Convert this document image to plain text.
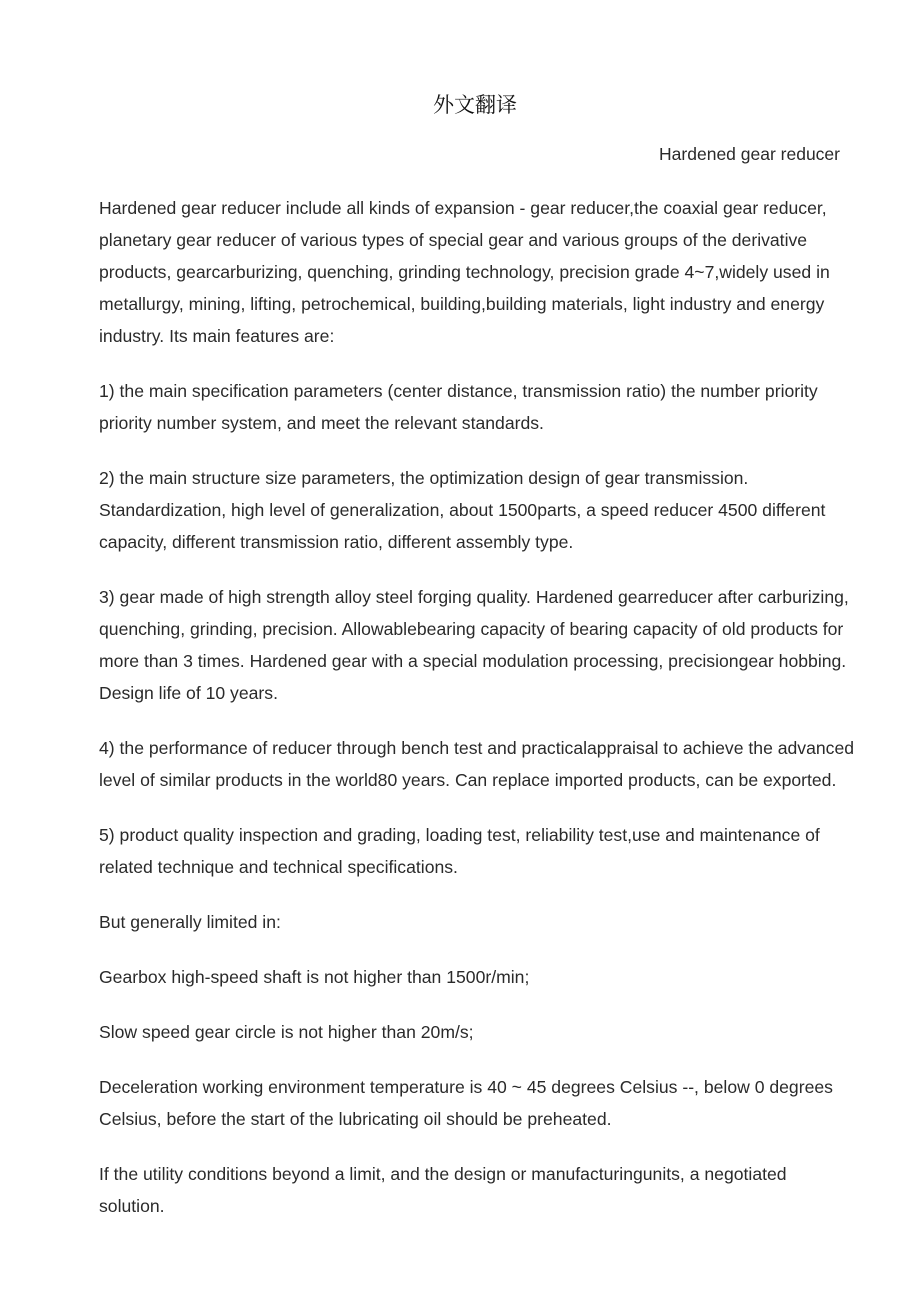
外文翻译
Hardened gear reducer

Hardened gear reducer include all kinds of expansion - gear reducer,the coaxial gear reducer, planetary gear reducer of various types of special gear and various groups of the derivative products, gearcarburizing, quenching, grinding technology, precision grade 4~7,widely used in metallurgy, mining, lifting, petrochemical, building,building materials, light industry and energy industry. Its main features are:

1) the main specification parameters (center distance, transmission ratio) the number priority priority number system, and meet the relevant standards.

2) the main structure size parameters, the optimization design of gear transmission. Standardization, high level of generalization, about 1500parts, a speed reducer 4500 different capacity, different transmission ratio, different assembly type.

3) gear made of high strength alloy steel forging quality. Hardened gearreducer after carburizing, quenching, grinding, precision. Allowablebearing capacity of bearing capacity of old products for more than 3 times. Hardened gear with a special modulation processing, precisiongear hobbing. Design life of 10 years.

4) the performance of reducer through bench test and practicalappraisal to achieve the advanced level of similar products in the world80 years. Can replace imported products, can be exported.

5) product quality inspection and grading, loading test, reliability test,use and maintenance of related technique and technical specifications.

But generally limited in:

Gearbox high-speed shaft is not higher than 1500r/min;

Slow speed gear circle is not higher than 20m/s;

Deceleration working environment temperature is 40 ~ 45 degrees Celsius --, below 0 degrees Celsius, before the start of the lubricating oil should be preheated.

If the utility conditions beyond a limit, and the design or manufacturingunits, a negotiated solution.
